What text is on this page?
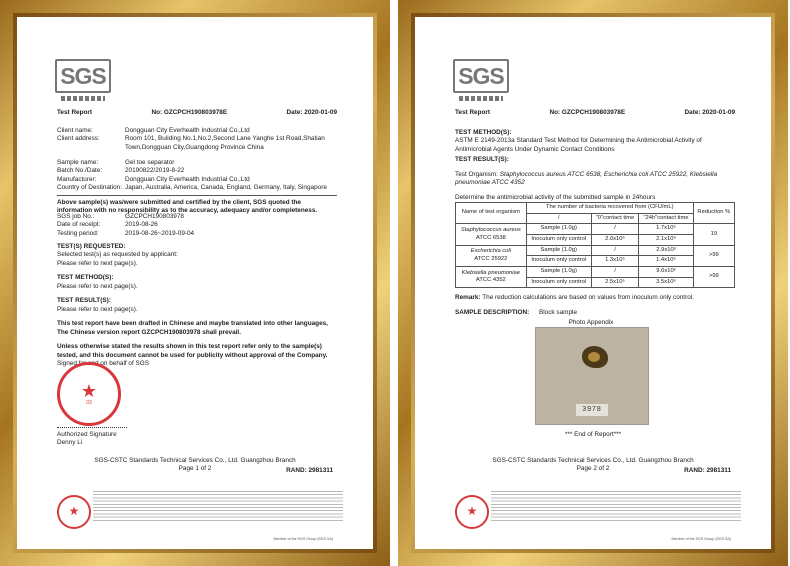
SGS
Test Report	No: GZCPCH190803978E	Date: 2020-01-09
Client name:	Dongguan City Everhealth Industrial Co.,Ltd
Client address:	Room 101, Building No.1,No.2,Second Lane Yanghe 1st Road,Shatian Town,Dongguan City,Guangdong Province China
Sample name:	Gel toe separator
Batch No./Date:	20190822/2019-8-22
Manufacturer:	Dongguan City Everhealth Industrial Co.,Ltd
Country of Destination: Japan, Australia, America, Canada, England, Germany, Italy, Singapore
Above sample(s) was/were submitted and certified by the client, SGS quoted the information with no responsibility as to the accuracy, adequacy and/or completeness.
SGS job No.:	GZCPCH190803978
Date of receipt:	2019-08-26
Testing period:	2019-08-26~2019-09-04
TEST(S) REQUESTED:
Selected test(s) as requested by applicant:
Please refer to next page(s).
TEST METHOD(S):
Please refer to next page(s).
TEST RESULT(S):
Please refer to next page(s).
This test report have been drafted in Chinese and maybe translated into other languages, The Chinese version report GZCPCH190803978 shall prevail.
Unless otherwise stated the results shown in this test report refer only to the sample(s) tested, and this document cannot be used for publicity without approval of the Company.
Signed for and on behalf of SGS
★
03
Authorized Signature
Denny Li
SGS-CSTC Standards Technical Services Co., Ltd. Guangzhou Branch
Page 1 of 2	RAND: 2981311
★
Member of the SGS Group (SGS SA)
SGS
Test Report	No: GZCPCH190803978E	Date: 2020-01-09
TEST METHOD(S):
ASTM E 2149-2013a Standard Test Method for Determining the Antimicrobial Activity of Antimicrobial Agents Under Dynamic Contact Conditions
TEST RESULT(S):
Test Organism: Staphylococcus aureus ATCC 6538, Escherichia coli ATCC 25922, Klebsiella pneumoniae ATCC 4352
Determine the antimicrobial activity of the submitted sample in 24hours
Name of test organism	The number of bacteria recovered from (CFU/mL)			Reduction %
	/	"0"contact time	"24h"contact time	
Staphylococcus aureus
ATCC 6538	Sample (1.0g)	/	1.7x10⁶	19
	Inoculum only control	2.0x10⁵	2.1x10⁶	
Escherichia coli
ATCC 25922	Sample (1.0g)	/	2.9x10³	>99
	Inoculum only control	1.3x10⁵	1.4x10⁶	
Klebsiella pneumoniae
ATCC 4352	Sample (1.0g)	/	9.6x10²	>99
	Inoculum only control	2.5x10⁵	3.5x10⁶	
Remark: The reduction calculations are based on values from inoculum only control.
SAMPLE DESCRIPTION: Block sample
Photo Appendix
3978
*** End of Report***
SGS-CSTC Standards Technical Services Co., Ltd. Guangzhou Branch
Page 2 of 2	RAND: 2981311
★
Member of the SGS Group (SGS SA)
